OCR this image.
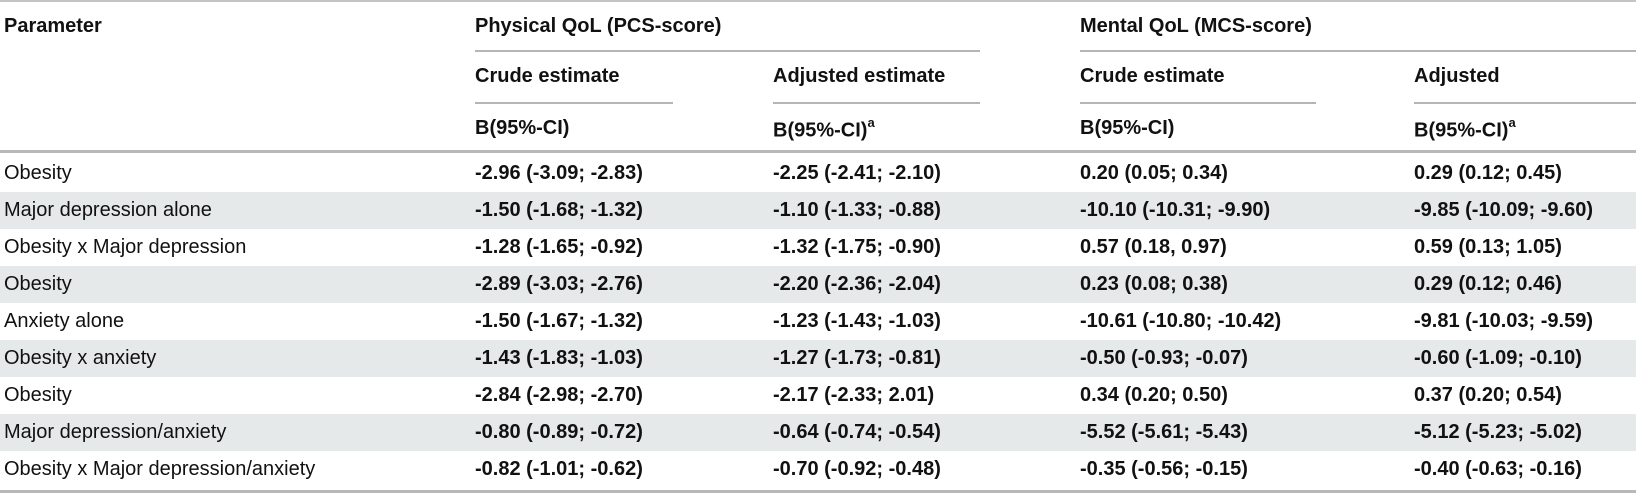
Parameter	Physical QoL (PCS-score)	Mental QoL (MCS-score)
Crude estimate	Adjusted estimate	Crude estimate	Adjusted
B(95%-CI)	$B(95\%-CI)^a$	B(95%-CI)	$B(95\%-CI)^a$
Obesity	-2.96 (-3.09; -2.83)	-2.25 (-2.41; -2.10)	0.20 (0.05; 0.34)	0.29 (0.12; 0.45)
Major depression alone	-1.50 (-1.68; -1.32)	-1.10 (-1.33; -0.88)	-10.10 (-10.31; -9.90)	-9.85 (-10.09; -9.60)
Obesity x Major depression	-1.28 (-1.65; -0.92)	-1.32 (-1.75; -0.90)	0.57 (0.18, 0.97)	0.59 (0.13; 1.05)
Obesity	-2.89 (-3.03; -2.76)	-2.20 (-2.36; -2.04)	0.23 (0.08; 0.38)	0.29 (0.12; 0.46)
Anxiety alone	-1.50 (-1.67; -1.32)	-1.23 (-1.43; -1.03)	-10.61 (-10.80; -10.42)	-9.81 (-10.03; -9.59)
Obesity x anxiety	-1.43 (-1.83; -1.03)	-1.27 (-1.73; -0.81)	-0.50 (-0.93; -0.07)	-0.60 (-1.09; -0.10)
Obesity	-2.84 (-2.98; -2.70)	-2.17 (-2.33; 2.01)	0.34 (0.20; 0.50)	0.37 (0.20; 0.54)
Major depression/anxiety	-0.80 (-0.89; -0.72)	-0.64 (-0.74; -0.54)	-5.52 (-5.61; -5.43)	-5.12 (-5.23; -5.02)
Obesity x Major depression/anxiety	-0.82 (-1.01; -0.62)	-0.70 (-0.92; -0.48)	-0.35 (-0.56; -0.15)	-0.40 (-0.63; -0.16)
